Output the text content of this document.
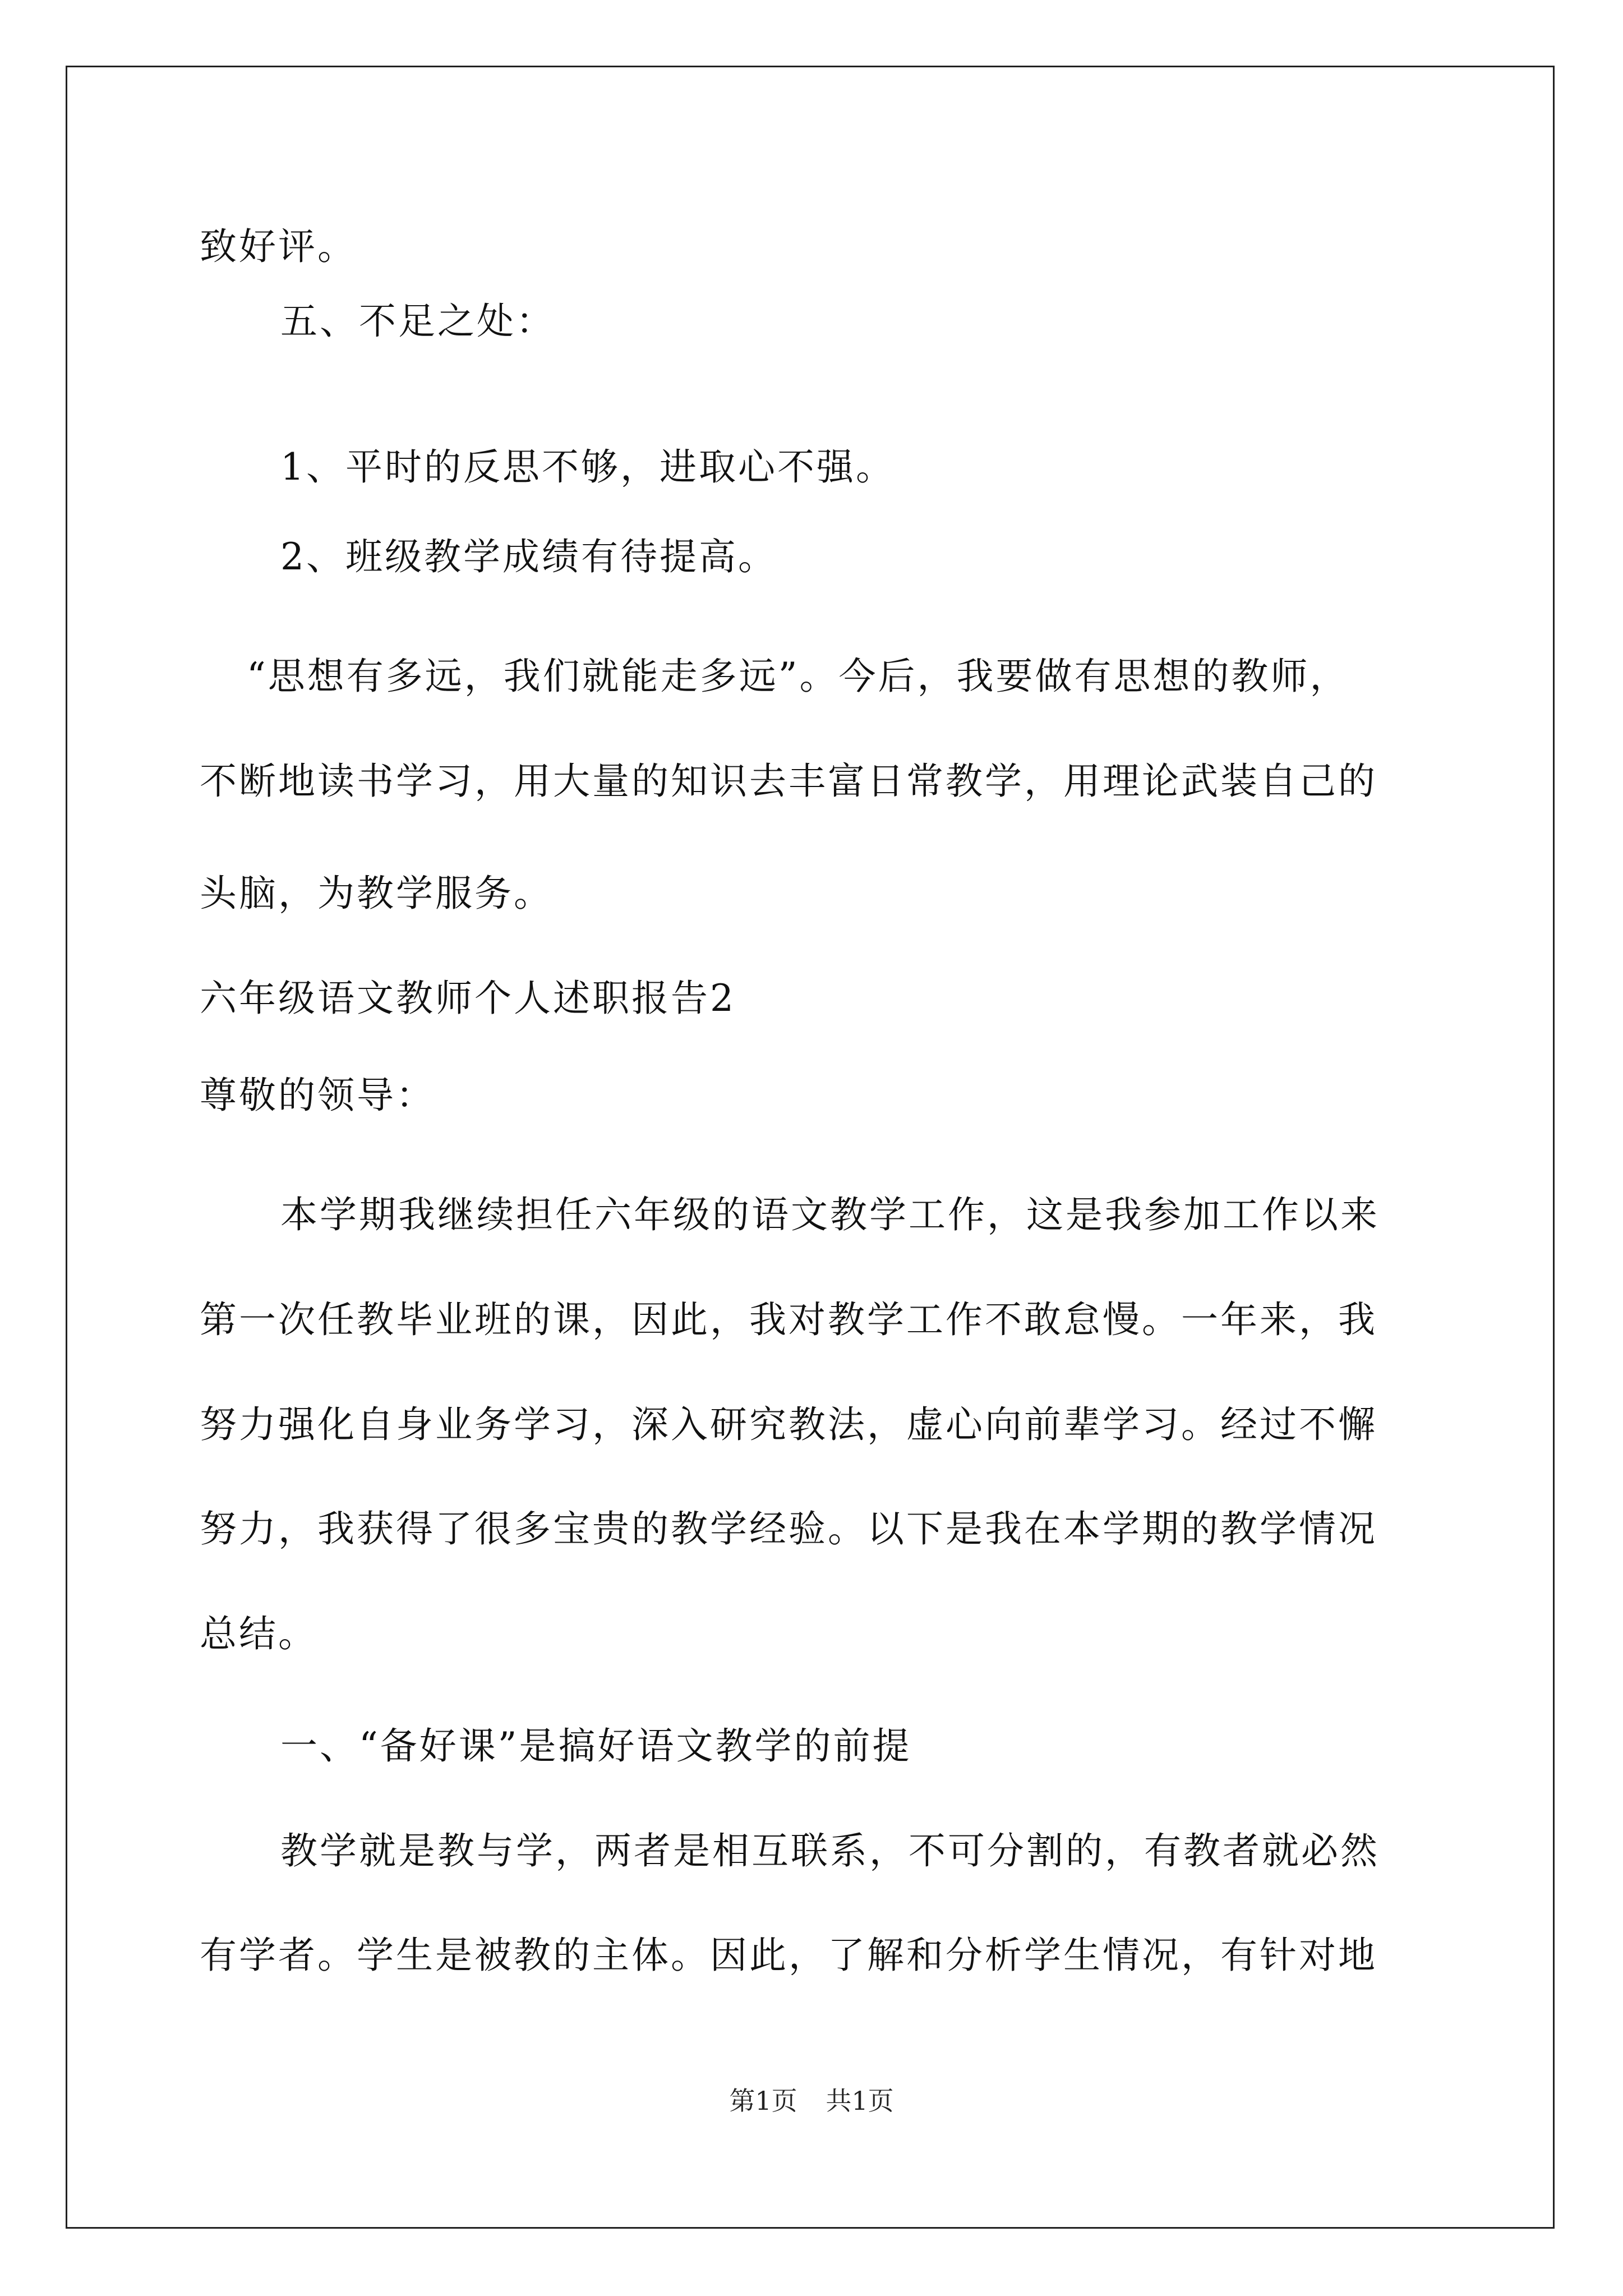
致好评。
五、不足之处：
1、平时的反思不够，进取心不强。
2、班级教学成绩有待提高。
“思想有多远，我们就能走多远”。今后，我要做有思想的教师，
不断地读书学习，用大量的知识去丰富日常教学，用理论武装自己的
头脑，为教学服务。
六年级语文教师个人述职报告2
尊敬的领导：
本学期我继续担任六年级的语文教学工作，这是我参加工作以来
第一次任教毕业班的课，因此，我对教学工作不敢怠慢。一年来，我
努力强化自身业务学习，深入研究教法，虚心向前辈学习。经过不懈
努力，我获得了很多宝贵的教学经验。以下是我在本学期的教学情况
总结。
一、“备好课”是搞好语文教学的前提
教学就是教与学，两者是相互联系，不可分割的，有教者就必然
有学者。学生是被教的主体。因此，了解和分析学生情况，有针对地
第1页 共1页
